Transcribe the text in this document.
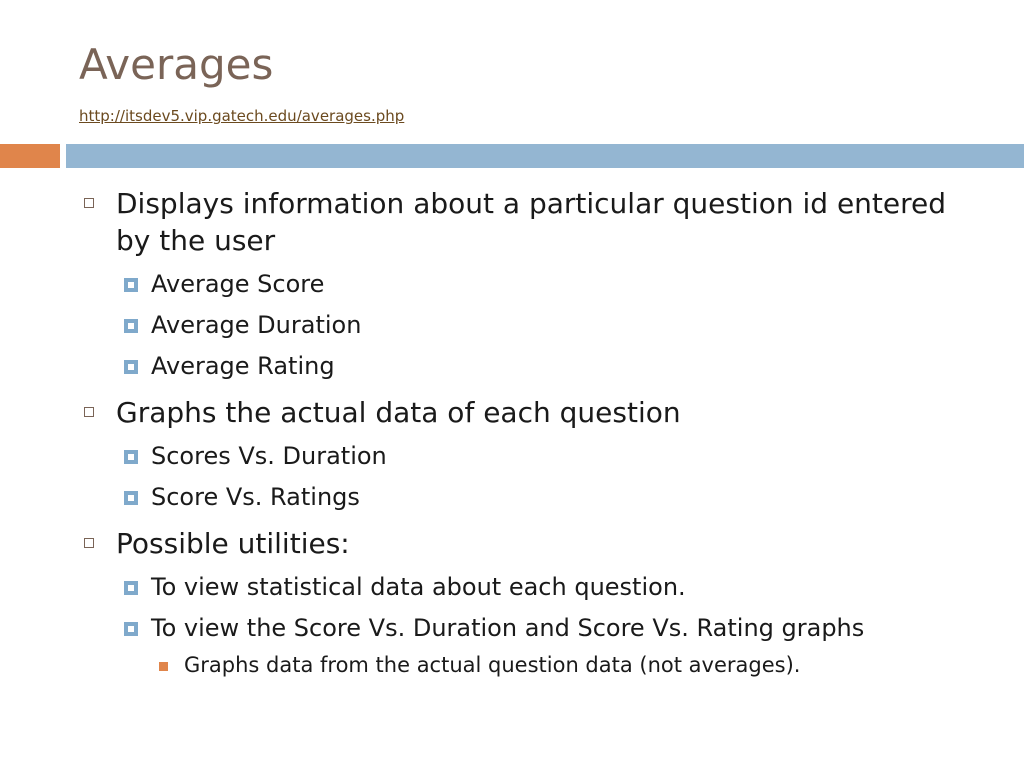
Averages
http://itsdev5.vip.gatech.edu/averages.php
Displays information about a particular question id entered by the user
Average Score
Average Duration
Average Rating
Graphs the actual data of each question
Scores Vs. Duration
Score Vs. Ratings
Possible utilities:
To view statistical data about each question.
To view the Score Vs. Duration and Score Vs. Rating graphs
Graphs data from the actual question data (not averages).
